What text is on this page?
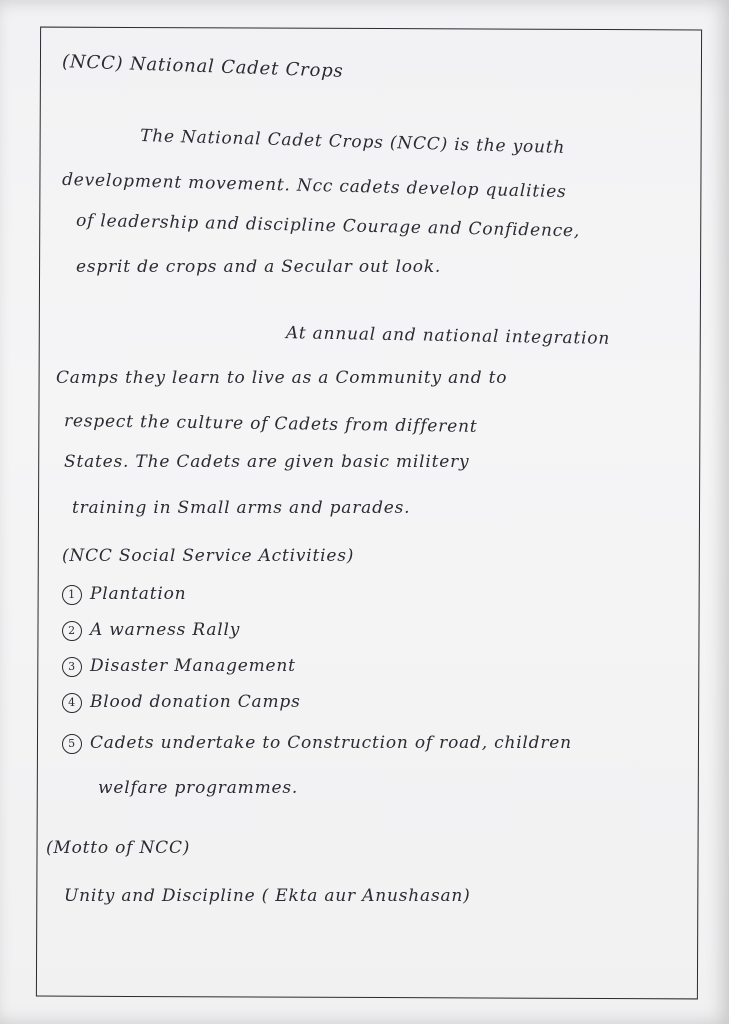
(NCC) National Cadet Crops
The National Cadet Crops (NCC) is the youth
development movement. Ncc cadets develop qualities
of leadership and discipline Courage and Confidence,
esprit de crops and a Secular out look.
At annual and national integration
Camps they learn to live as a Community and to
respect the culture of Cadets from different
States. The Cadets are given basic militery
training in Small arms and parades.
(NCC Social Service Activities)
1 Plantation
2 A warness Rally
3 Disaster Management
4 Blood donation Camps
5 Cadets undertake to Construction of road, children
welfare programmes.
(Motto of NCC)
Unity and Discipline ( Ekta aur Anushasan)
